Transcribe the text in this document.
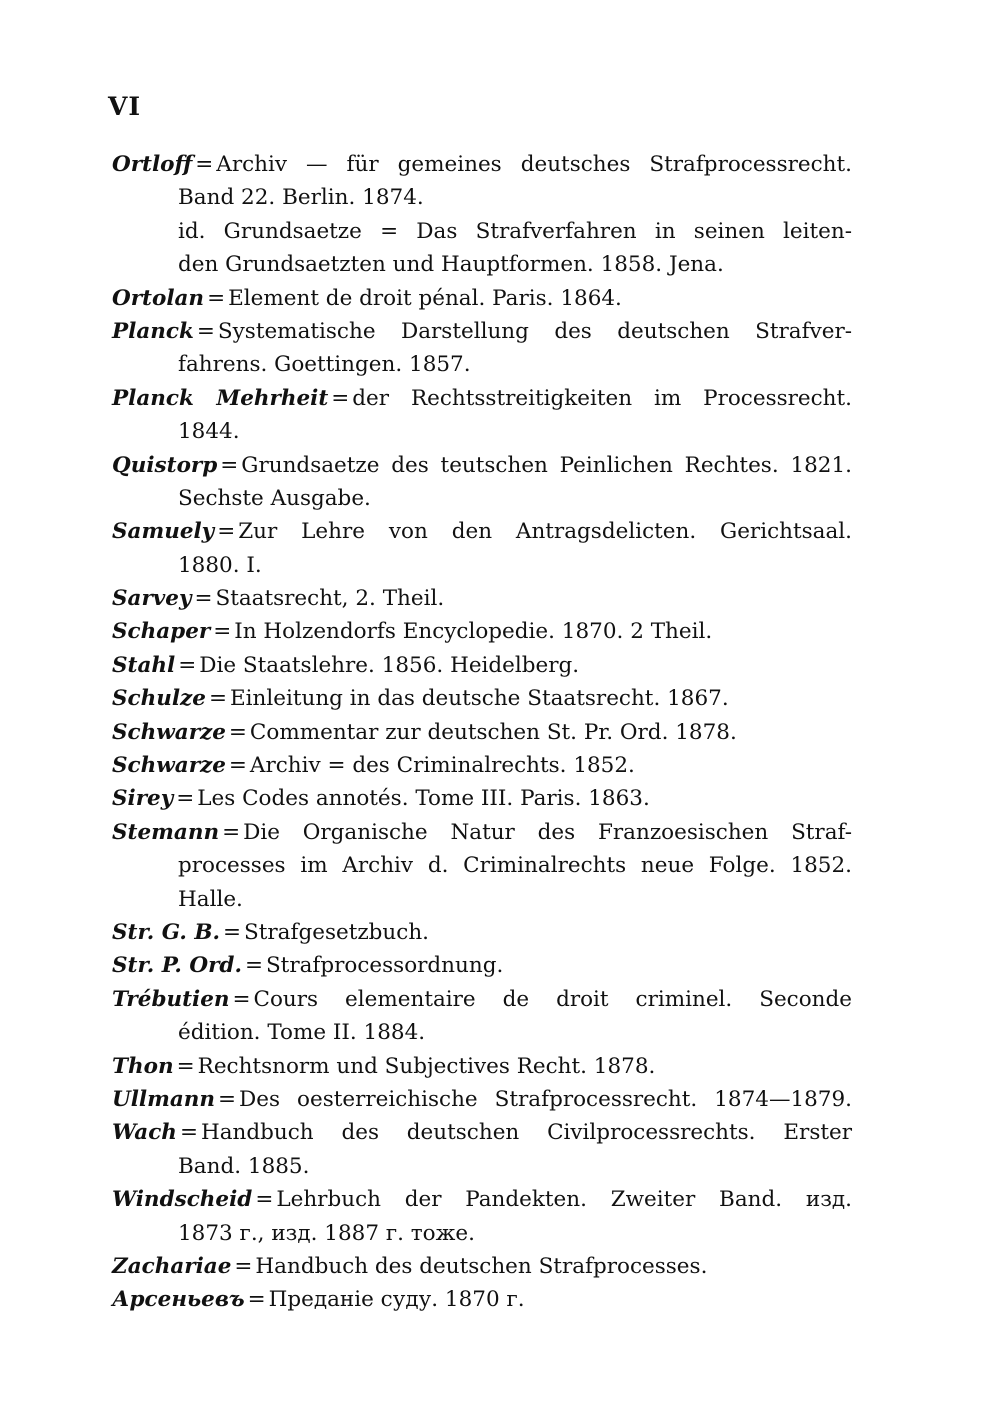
VI
Ortloff = Archiv — für gemeines deutsches Strafprocessrecht.
Band 22. Berlin. 1874.
id. Grundsaetze = Das Strafverfahren in seinen leiten-
den Grundsaetzten und Hauptformen. 1858. Jena.
Ortolan = Element de droit pénal. Paris. 1864.
Planck = Systematische Darstellung des deutschen Strafver-
fahrens. Goettingen. 1857.
Planck Mehrheit = der Rechtsstreitigkeiten im Processrecht.
1844.
Quistorp = Grundsaetze des teutschen Peinlichen Rechtes. 1821.
Sechste Ausgabe.
Samuely = Zur Lehre von den Antragsdelicten. Gerichtsaal.
1880. I.
Sarvey = Staatsrecht, 2. Theil.
Schaper = In Holzendorfs Encyclopedie. 1870. 2 Theil.
Stahl = Die Staatslehre. 1856. Heidelberg.
Schulze = Einleitung in das deutsche Staatsrecht. 1867.
Schwarze = Commentar zur deutschen St. Pr. Ord. 1878.
Schwarze = Archiv = des Criminalrechts. 1852.
Sirey = Les Codes annotés. Tome III. Paris. 1863.
Stemann = Die Organische Natur des Franzoesischen Straf-
processes im Archiv d. Criminalrechts neue Folge. 1852.
Halle.
Str. G. B. = Strafgesetzbuch.
Str. P. Ord. = Strafprocessordnung.
Trébutien = Cours elementaire de droit criminel. Seconde
édition. Tome II. 1884.
Thon = Rechtsnorm und Subjectives Recht. 1878.
Ullmann = Des oesterreichische Strafprocessrecht. 1874—1879.
Wach = Handbuch des deutschen Civilprocessrechts. Erster
Band. 1885.
Windscheid = Lehrbuch der Pandekten. Zweiter Band. изд.
1873 г., изд. 1887 г. тоже.
Zachariae = Handbuch des deutschen Strafprocesses.
Арсеньевъ = Преданіе суду. 1870 г.
